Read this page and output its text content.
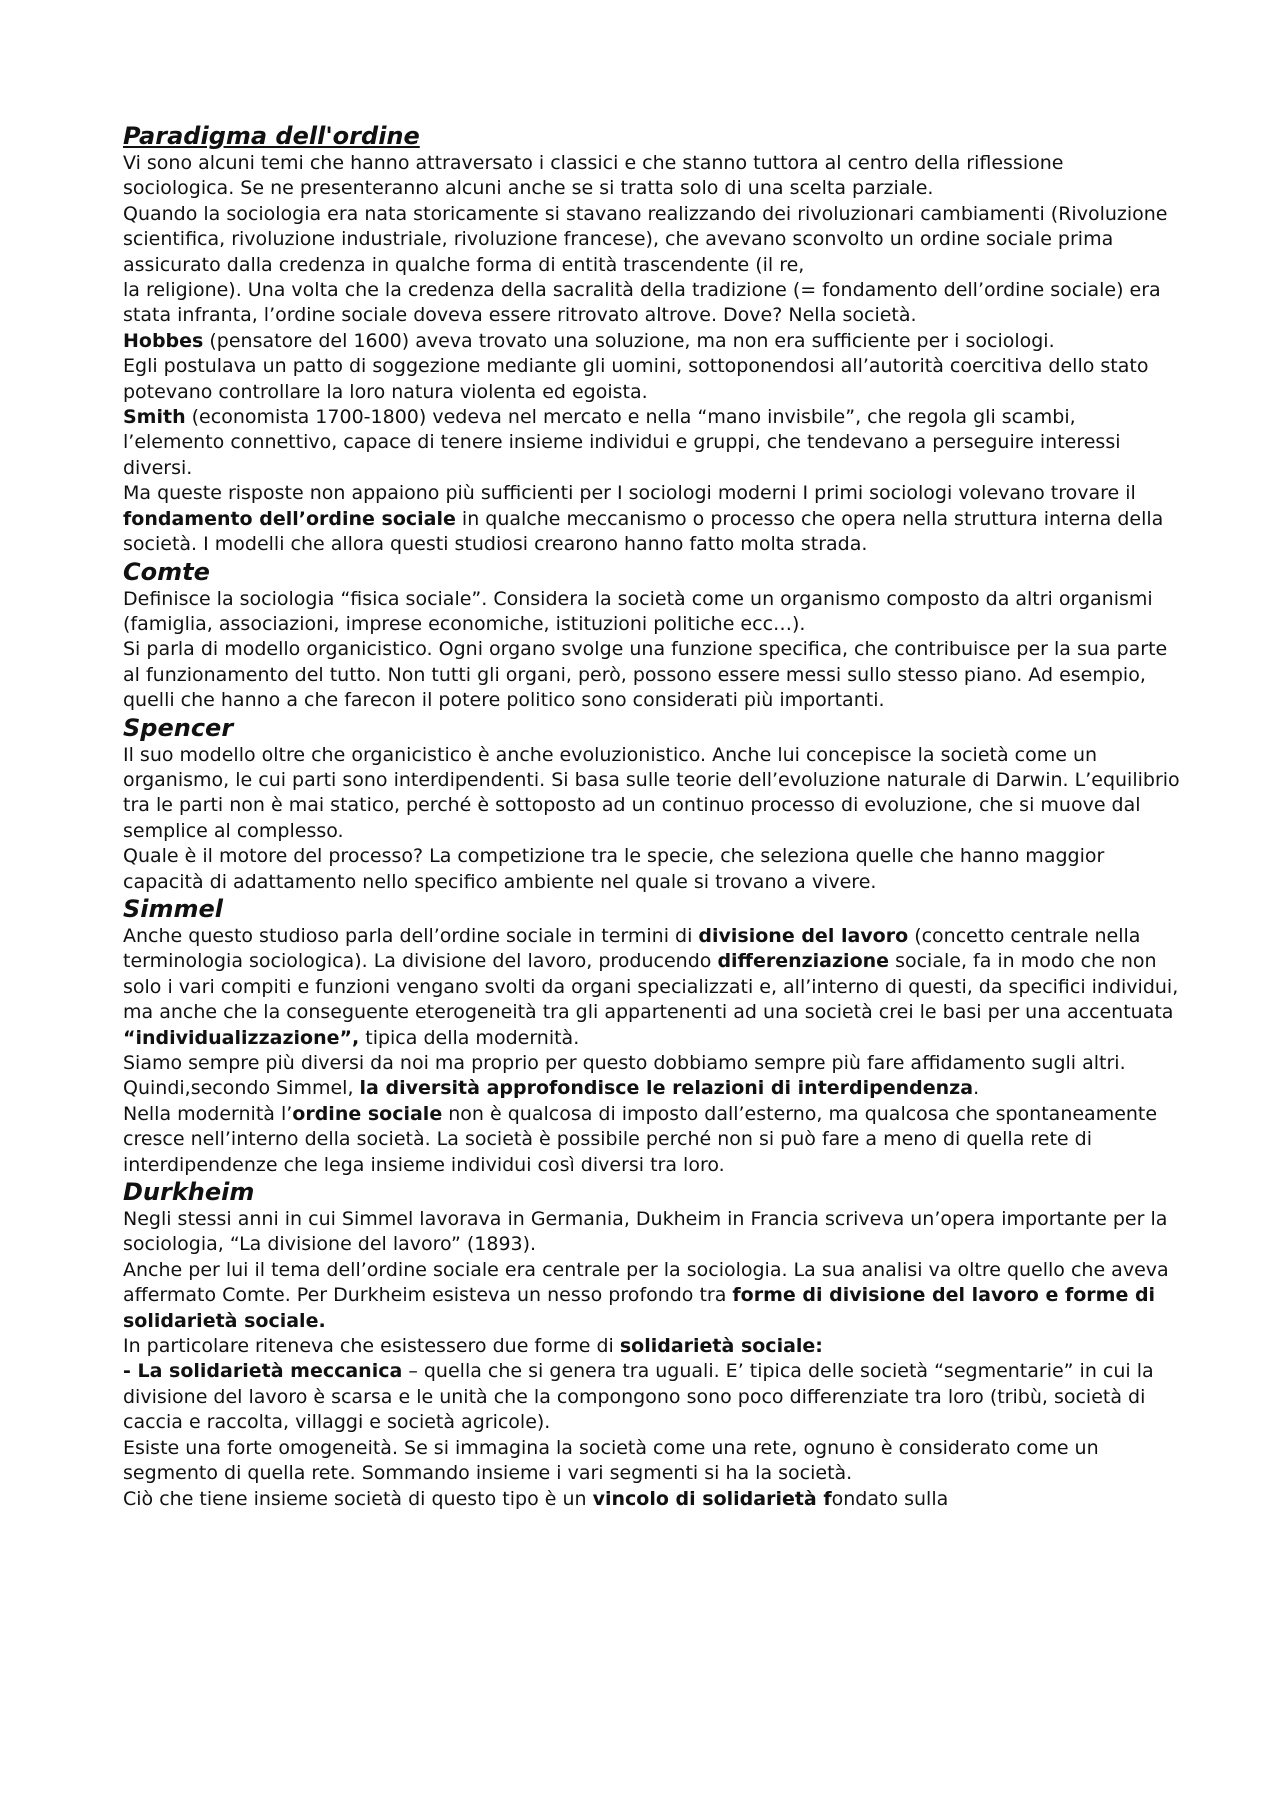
Paradigma dell'ordine

Vi sono alcuni temi che hanno attraversato i classici e che stanno tuttora al centro della riflessione sociologica. Se ne presenteranno alcuni anche se si tratta solo di una scelta parziale.

Quando la sociologia era nata storicamente si stavano realizzando dei rivoluzionari cambiamenti (Rivoluzione scientifica, rivoluzione industriale, rivoluzione francese), che avevano sconvolto un ordine sociale prima assicurato dalla credenza in qualche forma di entità trascendente (il re,

la religione). Una volta che la credenza della sacralità della tradizione (= fondamento dell’ordine sociale) era stata infranta, l’ordine sociale doveva essere ritrovato altrove. Dove? Nella società.

Hobbes (pensatore del 1600) aveva trovato una soluzione, ma non era sufficiente per i sociologi.

Egli postulava un patto di soggezione mediante gli uomini, sottoponendosi all’autorità coercitiva dello stato potevano controllare la loro natura violenta ed egoista.

Smith (economista 1700-1800) vedeva nel mercato e nella “mano invisbile”, che regola gli scambi, l’elemento connettivo, capace di tenere insieme individui e gruppi, che tendevano a perseguire interessi diversi.

Ma queste risposte non appaiono più sufficienti per I sociologi moderni I primi sociologi volevano trovare il fondamento dell’ordine sociale in qualche meccanismo o processo che opera nella struttura interna della società. I modelli che allora questi studiosi crearono hanno fatto molta strada.

Comte

Definisce la sociologia “fisica sociale”. Considera la società come un organismo composto da altri organismi (famiglia, associazioni, imprese economiche, istituzioni politiche ecc…).

Si parla di modello organicistico. Ogni organo svolge una funzione specifica, che contribuisce per la sua parte al funzionamento del tutto. Non tutti gli organi, però, possono essere messi sullo stesso piano. Ad esempio, quelli che hanno a che farecon il potere politico sono considerati più importanti.

Spencer

Il suo modello oltre che organicistico è anche evoluzionistico. Anche lui concepisce la società come un organismo, le cui parti sono interdipendenti. Si basa sulle teorie dell’evoluzione naturale di Darwin. L’equilibrio tra le parti non è mai statico, perché è sottoposto ad un continuo processo di evoluzione, che si muove dal semplice al complesso.

Quale è il motore del processo? La competizione tra le specie, che seleziona quelle che hanno maggior capacità di adattamento nello specifico ambiente nel quale si trovano a vivere.

Simmel

Anche questo studioso parla dell’ordine sociale in termini di divisione del lavoro (concetto centrale nella terminologia sociologica). La divisione del lavoro, producendo differenziazione sociale, fa in modo che non solo i vari compiti e funzioni vengano svolti da organi specializzati e, all’interno di questi, da specifici individui, ma anche che la conseguente eterogeneità tra gli appartenenti ad una società crei le basi per una accentuata “individualizzazione”, tipica della modernità.

Siamo sempre più diversi da noi ma proprio per questo dobbiamo sempre più fare affidamento sugli altri.

Quindi,secondo Simmel, la diversità approfondisce le relazioni di interdipendenza.

Nella modernità l’ordine sociale non è qualcosa di imposto dall’esterno, ma qualcosa che spontaneamente cresce nell’interno della società. La società è possibile perché non si può fare a meno di quella rete di interdipendenze che lega insieme individui così diversi tra loro.

Durkheim

Negli stessi anni in cui Simmel lavorava in Germania, Dukheim in Francia scriveva un’opera importante per la sociologia, “La divisione del lavoro” (1893).

Anche per lui il tema dell’ordine sociale era centrale per la sociologia. La sua analisi va oltre quello che aveva affermato Comte. Per Durkheim esisteva un nesso profondo tra forme di divisione del lavoro e forme di solidarietà sociale.

In particolare riteneva che esistessero due forme di solidarietà sociale:

- La solidarietà meccanica – quella che si genera tra uguali. E’ tipica delle società “segmentarie” in cui la divisione del lavoro è scarsa e le unità che la compongono sono poco differenziate tra loro (tribù, società di caccia e raccolta, villaggi e società agricole).

Esiste una forte omogeneità. Se si immagina la società come una rete, ognuno è considerato come un segmento di quella rete. Sommando insieme i vari segmenti si ha la società.

Ciò che tiene insieme società di questo tipo è un vincolo di solidarietà fondato sulla
